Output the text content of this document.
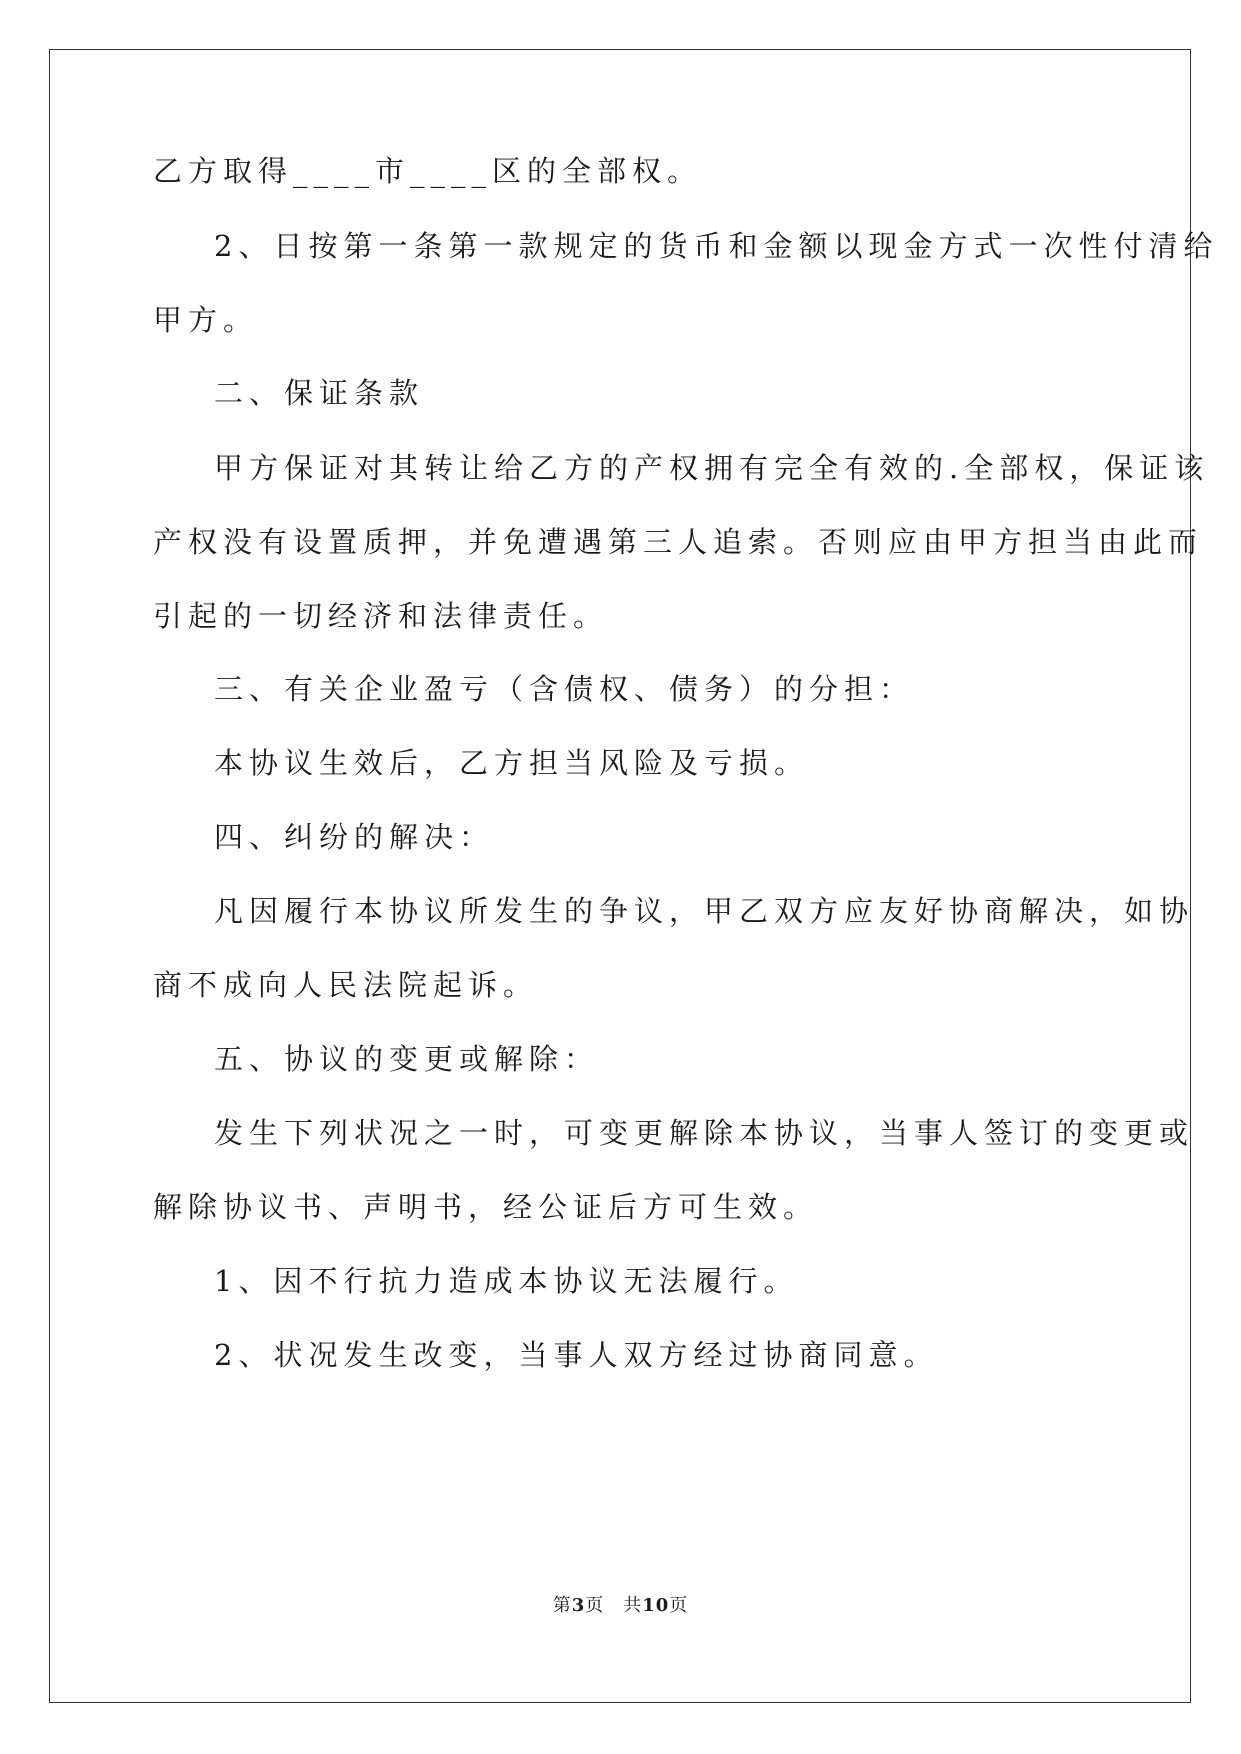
乙方取得____市____区的全部权。
2、日按第一条第一款规定的货币和金额以现金方式一次性付清给
甲方。
二、保证条款
甲方保证对其转让给乙方的产权拥有完全有效的.全部权，保证该
产权没有设置质押，并免遭遇第三人追索。否则应由甲方担当由此而
引起的一切经济和法律责任。
三、有关企业盈亏（含债权、债务）的分担：
本协议生效后，乙方担当风险及亏损。
四、纠纷的解决：
凡因履行本协议所发生的争议，甲乙双方应友好协商解决，如协
商不成向人民法院起诉。
五、协议的变更或解除：
发生下列状况之一时，可变更解除本协议，当事人签订的变更或
解除协议书、声明书，经公证后方可生效。
1、因不行抗力造成本协议无法履行。
2、状况发生改变，当事人双方经过协商同意。
第3页　共10页
